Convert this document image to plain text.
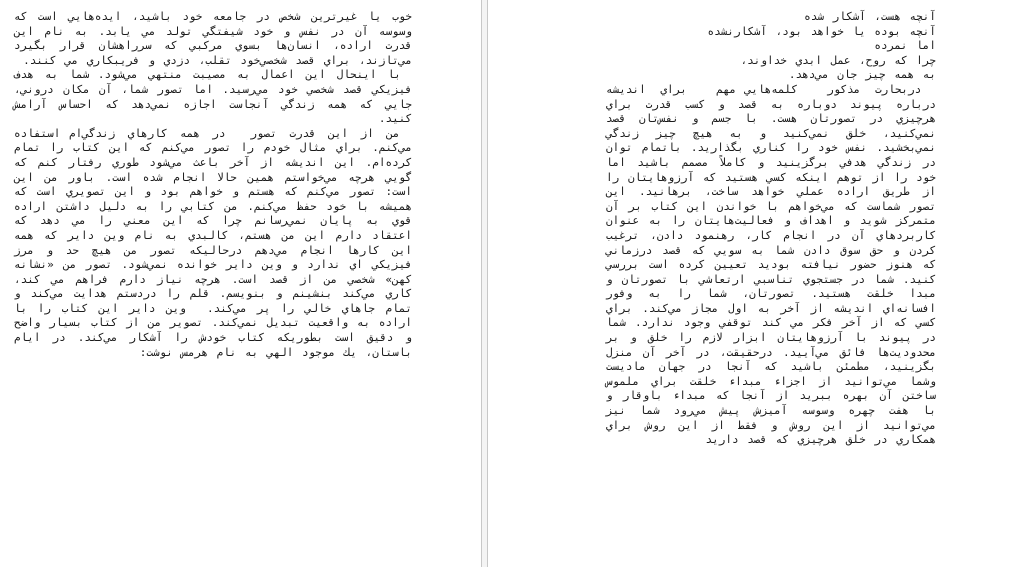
خوب يا غيرترين شخص در جامعه خود باشيد، ايده‌هايي است كه وسوسه آن در نفس و خود شيفتگي تولد مي يابد. به نام اين قدرت اراده، انسان‌ها بسوي مركبي كه سرراهشان قرار بگيرد مي‌تازند، براي قصد شخصي‌خود تقلب، دزدي و فريبكاري مي كنند.

با اينحال اين اعمال به مصيبت منتهي مي‌شود. شما به هدف فيزيكي قصد شخصي خود مي‌رسيد. اما تصور شما، آن مكان دروني، جايي كه همه زندگي آنجاست اجازه نمي‌دهد كه احساس آرامش كنيد.

من از اين قدرت تصور  در همه كارهاي زندگي‌ام استفاده مي‌كنم. براي مثال خودم را تصور مي‌كنم كه اين كتاب را تمام كرده‌ام. اين انديشه از آخر باعث مي‌شود طوري رفتار كنم كه گويي هرچه مي‌خواستم همين حالا انجام شده است. باور من اين است: تصور مي‌كنم كه هستم و خواهم بود و اين تصويري است كه هميشه با خود حفظ مي‌كنم. من كتابي را به دليل داشتن اراده قوي به پايان نمي‌رسانم چرا كه اين معني را مي دهد كه اعتقاد دارم اين من هستم، كالبدي به نام وين داير كه همه اين كارها انجام مي‌دهم درحاليكه تصور من هيچ حد و مرز فيزيكي اي ندارد و وين داير خوانده نمي‌شود. تصور من «نشانه كهن» شخصي من از قصد است. هرچه نياز دارم فراهم مي كند، كاري مي‌كند بنشينم و بنويسم. قلم را دردستم هدايت مي‌كند و تمام جاهاي خالي را پر مي‌كند.  وين داير اين كتاب را با اراده به واقعيت تبديل نمي‌كند. تصوير من از كتاب بسيار واضح و دقيق است بطوريكه كتاب خودش را آشكار مي‌كند. در ايام باستان، يك موجود الهي به نام هرمس نوشت:

آنچه هست، آشكار شده

آنچه بوده يا خواهد بود، آشكارنشده

اما نمرده

چرا كه روح، عمل ابدي خداوند،

به همه چيز جان مي‌دهد.

دربحارت مذكور  كلمه‌هايي مهم  براي انديشه درباره پيوند دوباره به قصد و كسب قدرت براي هرچيزي در تصورتان هست. با جسم و نفس‌تان قصد نمي‌كنيد، خلق نمي‌كنيد و به هيچ چيز زندگي نمي‌بخشيد. نفس خود را كناري بگذاريد. باتمام توان در زندگي هدفي برگزينيد و كاملاً مصمم باشيد اما خود را از توهم اينكه كسي هستيد كه آرزوهايتان را از طريق اراده عملي خواهد ساخت، برهانيد. اين تصور شماست كه مي‌خواهم با خواندن اين كتاب بر آن متمركز شويد و اهداف و فعاليت‌هايتان را به عنوان كاربردهاي آن در انجام كار، رهنمود دادن، ترغيب كردن و حق سوق دادن شما به سويي كه قصد درزماني كه هنوز حضور نيافته بوديد تعيين كرده است بررسي كنيد. شما در جستجوي تناسبي ارتعاشي با تصورتان و مبدا خلقت هستيد. تصورتان، شما را به وفور افسانه‌اي انديشه از آخر به اول مجاز مي‌كند. براي كسي كه از آخر فكر مي كند توقفي وجود ندارد. شما در پيوند با آرزوهايتان ابزار لازم را خلق و بر محدوديت‌ها فائق مي‌آييد. درحقيقت، در آخر آن منزل بگزينيد، مطمئن باشيد كه آنجا در جهان ماديست وشما مي‌توانيد از اجزاء مبداء خلقت براي ملموس ساختن آن بهره ببريد از آنجا كه مبداء باوقار و با هفت چهره وسوسه آميزش پيش مي‌رود شما نيز مي‌توانيد از اين روش و فقط از اين روش براي همكاري در خلق هرچيزي كه قصد داريد
